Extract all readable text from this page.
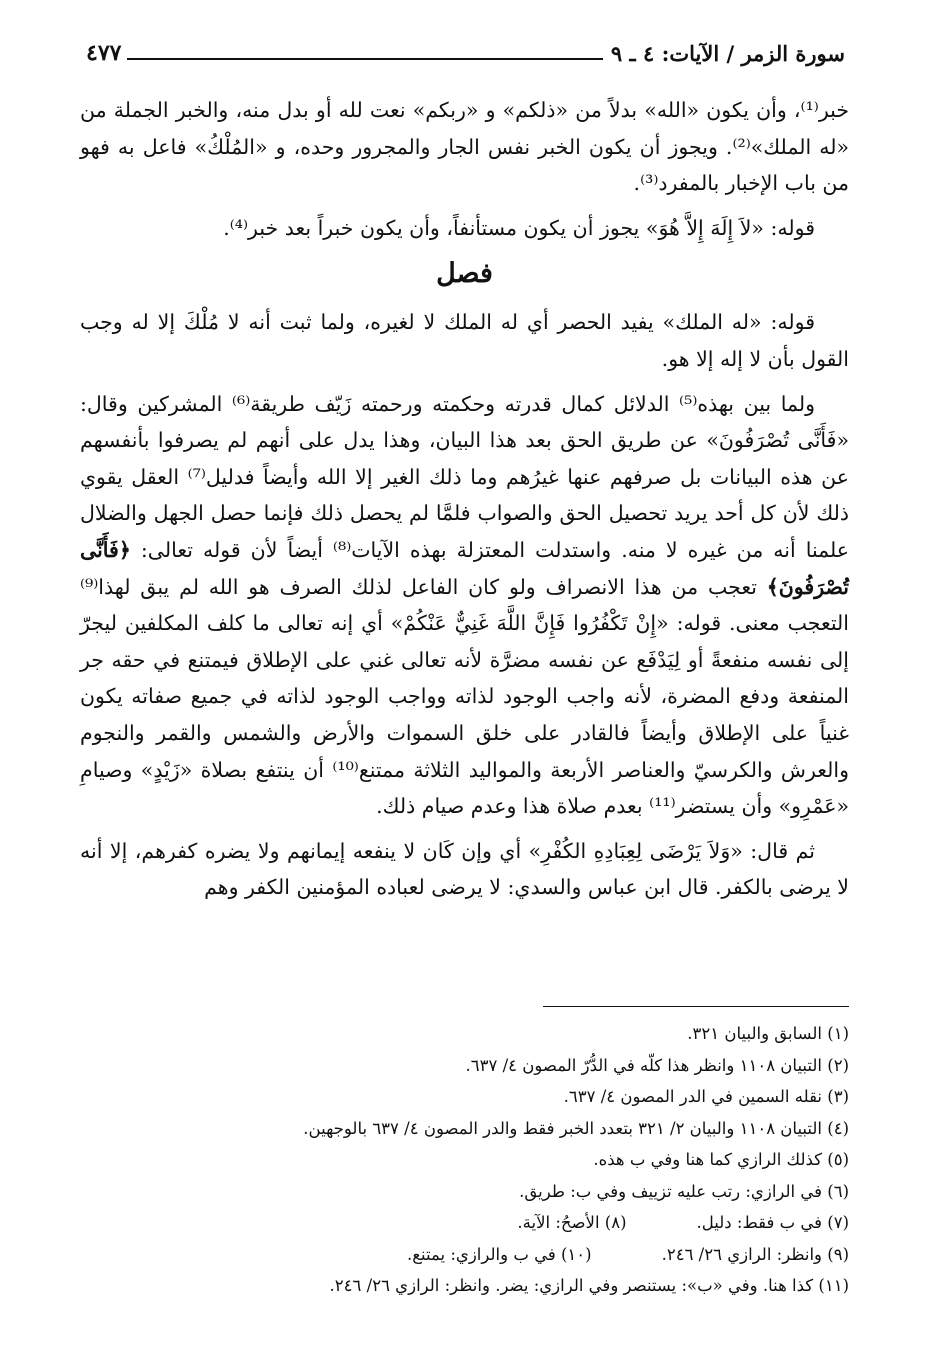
سورة الزمر / الآيات: ٤ ـ ٩
٤٧٧

خبر⁽¹⁾، وأن يكون «الله» بدلاً من «ذلكم» و «ربكم» نعت لله أو بدل منه، والخبر الجملة من «له الملك»⁽²⁾. ويجوز أن يكون الخبر نفس الجار والمجرور وحده، و «المُلْكُ» فاعل به فهو من باب الإخبار بالمفرد⁽³⁾.

قوله: «لاَ إِلَهَ إِلاَّ هُوَ» يجوز أن يكون مستأنفاً، وأن يكون خبراً بعد خبر⁽⁴⁾.

فصل

قوله: «له الملك» يفيد الحصر أي له الملك لا لغيره، ولما ثبت أنه لا مُلْكَ إلا له وجب القول بأن لا إله إلا هو.

ولما بين بهذه⁽⁵⁾ الدلائل كمال قدرته وحكمته ورحمته زَيّف طريقة⁽⁶⁾ المشركين وقال: «فَأَنَّى تُصْرَفُونَ» عن طريق الحق بعد هذا البيان، وهذا يدل على أنهم لم يصرفوا بأنفسهم عن هذه البيانات بل صرفهم عنها غيرُهم وما ذلك الغير إلا الله وأيضاً فدليل⁽⁷⁾ العقل يقوي ذلك لأن كل أحد يريد تحصيل الحق والصواب فلمَّا لم يحصل ذلك فإنما حصل الجهل والضلال علمنا أنه من غيره لا منه. واستدلت المعتزلة بهذه الآيات⁽⁸⁾ أيضاً لأن قوله تعالى: ﴿فَأَنَّى تُصْرَفُونَ﴾ تعجب من هذا الانصراف ولو كان الفاعل لذلك الصرف هو الله لم يبق لهذا⁽⁹⁾ التعجب معنى. قوله: «إِنْ تَكْفُرُوا فَإِنَّ اللَّهَ غَنِيٌّ عَنْكُمْ» أي إنه تعالى ما كلف المكلفين ليجرّ إلى نفسه منفعةً أو لِيَدْفَع عن نفسه مضرَّة لأنه تعالى غني على الإطلاق فيمتنع في حقه جر المنفعة ودفع المضرة، لأنه واجب الوجود لذاته وواجب الوجود لذاته في جميع صفاته يكون غنياً على الإطلاق وأيضاً فالقادر على خلق السموات والأرض والشمس والقمر والنجوم والعرش والكرسيّ والعناصر الأربعة والمواليد الثلاثة ممتنع⁽¹⁰⁾ أن ينتفع بصلاة «زَيْدٍ» وصيامِ «عَمْرِو» وأن يستضر⁽¹¹⁾ بعدم صلاة هذا وعدم صيام ذلك.

ثم قال: «وَلاَ يَرْضَى لِعِبَادِهِ الكُفْرِ» أي وإن كَان لا ينفعه إيمانهم ولا يضره كفرهم، إلا أنه لا يرضى بالكفر. قال ابن عباس والسدي: لا يرضى لعباده المؤمنين الكفر وهم

(١) السابق والبيان ٣٢١.
(٢) التبيان ١١٠٨ وانظر هذا كلّه في الدُّرّ المصون ٤/ ٦٣٧.
(٣) نقله السمين في الدر المصون ٤/ ٦٣٧.
(٤) التبيان ١١٠٨ والبيان ٢/ ٣٢١ بتعدد الخبر فقط والدر المصون ٤/ ٦٣٧ بالوجهين.
(٥) كذلك الرازي كما هنا وفي ب هذه.
(٦) في الرازي: رتب عليه تزييف وفي ب: طريق.
(٧) في ب فقط: دليل.(٨) الأصحُ: الآية.
(٩) وانظر: الرازي ٢٦/ ٢٤٦.(١٠) في ب والرازي: يمتنع.
(١١) كذا هنا. وفي «ب»: يستنصر وفي الرازي: يضر. وانظر: الرازي ٢٦/ ٢٤٦.
